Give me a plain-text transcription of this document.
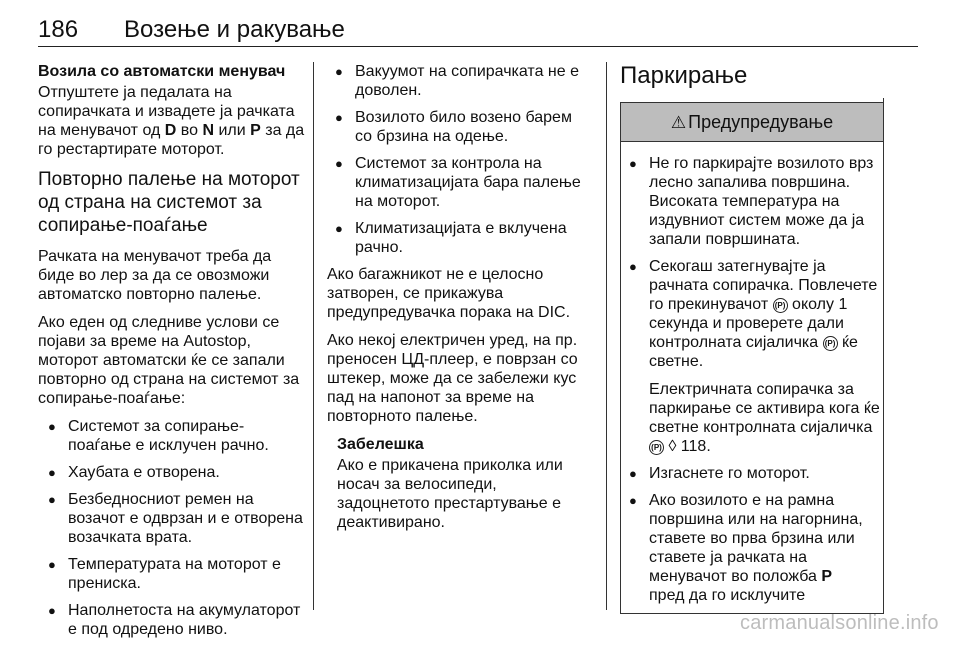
186 Возење и ракување
Возила со автоматски менувач

Отпуштете ја педалата на сопирачката и извадете ја рачката на менувачот од D во N или P за да го рестартирате моторот.

Повторно палење на моторот од страна на системот за сопирање-поаѓање

Рачката на менувачот треба да биде во лер за да се овозможи автоматско повторно палење.

Ако еден од следниве услови се појави за време на Autostop, моторот автоматски ќе се запали повторно од страна на системот за сопирање-поаѓање:

● Системот за сопирање-поаѓање е исклучен рачно.
● Хаубата е отворена.
● Безбедносниот ремен на возачот е одврзан и е отворена возачката врата.
● Температурата на моторот е прениска.
● Наполнетоста на акумулаторот е под одредено ниво.
● Вакуумот на сопирачката не е доволен.
● Возилото било возено барем со брзина на одење.
● Системот за контрола на климатизацијата бара палење на моторот.
● Климатизацијата е вклучена рачно.

Ако багажникот не е целосно затворен, се прикажува предупредувачка порака на DIC.

Ако некој електричен уред, на пр. преносен ЦД-плеер, е поврзан со штекер, може да се забележи кус пад на напонот за време на повторното палење.

Забелешка

Ако е прикачена приколка или носач за велосипеди, задоцнетото престартување е деактивирано.

Паркирање
⚠ Предупредување
● Не го паркирајте возилото врз лесно запалива површина. Високата температура на издувниот систем може да ја запали површината.
● Секогаш затегнувајте ја рачната сопирачка. Повлечете го прекинувачот (P) околу 1 секунда и проверете дали контролната сијаличка (P) ќе светне.
Електричната сопирачка за паркирање се активира кога ќе светне контролната сијаличка (P) ◊ 118.
● Изгаснете го моторот.
● Ако возилото е на рамна површина или на нагорнина, ставете во прва брзина или ставете ја рачката на менувачот во положба P
пред да го исклучите
carmanualsonline.info
